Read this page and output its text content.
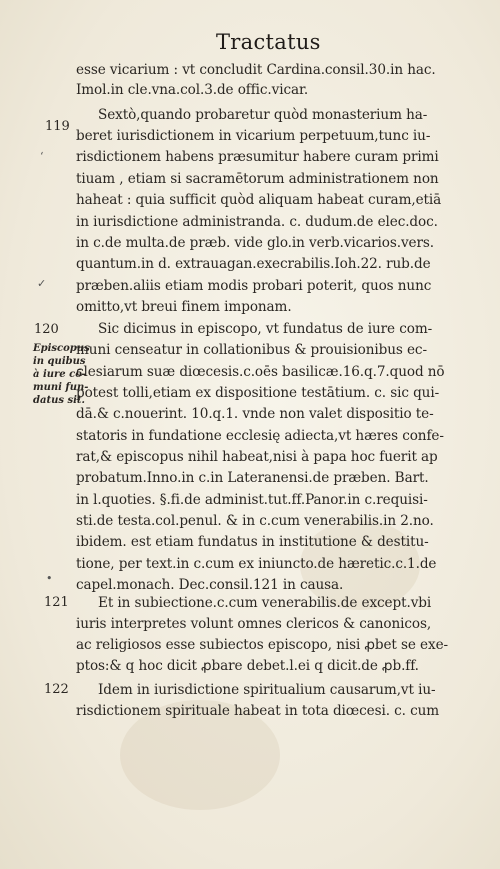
Tractatus
119
120
121
122
Episcopus
in quibus
à iure cō-
muni fun-
datus sit.
‘
✓
•
esse vicarium : vt concludit Cardina.consil.30.in hac.
Imol.in cle.vna.col.3.de offic.vicar.
Sextò,quando probaretur quòd monasterium ha-
beret iurisdictionem in vicarium perpetuum,tunc iu-
risdictionem habens præsumitur habere curam primi
tiuam , etiam si sacramētorum administrationem non
haheat : quia sufficit quòd aliquam habeat curam,etiā
in iurisdictione administranda. c. dudum.de elec.doc.
in c.de multa.de præb. vide glo.in verb.vicarios.vers.
quantum.in d. extrauagan.execrabilis.Ioh.22. rub.de
præben.aliis etiam modis probari poterit, quos nunc
omitto,vt breui finem imponam.
Sic dicimus in episcopo, vt fundatus de iure com-
muni censeatur in collationibus & prouisionibus ec-
clesiarum suæ diœcesis.c.oēs basilicæ.16.q.7.quod nō
potest tolli,etiam ex dispositione testātium. c. sic qui-
dā.& c.nouerint. 10.q.1. vnde non valet dispositio te-
statoris in fundatione ecclesię adiecta,vt hæres confe-
rat,& episcopus nihil habeat,nisi à papa hoc fuerit ap
probatum.Inno.in c.in Lateranensi.de præben. Bart.
in l.quoties. §.fi.de administ.tut.ff.Panor.in c.requisi-
sti.de testa.col.penul. & in c.cum venerabilis.in 2.no.
ibidem. est etiam fundatus in institutione & destitu-
tione, per text.in c.cum ex iniuncto.de hæretic.c.1.de
capel.monach. Dec.consil.121 in causa.
Et in subiectione.c.cum venerabilis.de except.vbi
iuris interpretes volunt omnes clericos & canonicos,
ac religiosos esse subiectos episcopo, nisi ꝓbet se exe-
ptos:& q hoc dicit ꝓbare debet.l.ei q dicit.de ꝓb.ff.
Idem in iurisdictione spiritualium causarum,vt iu-
risdictionem spirituale habeat in tota diœcesi. c. cum
